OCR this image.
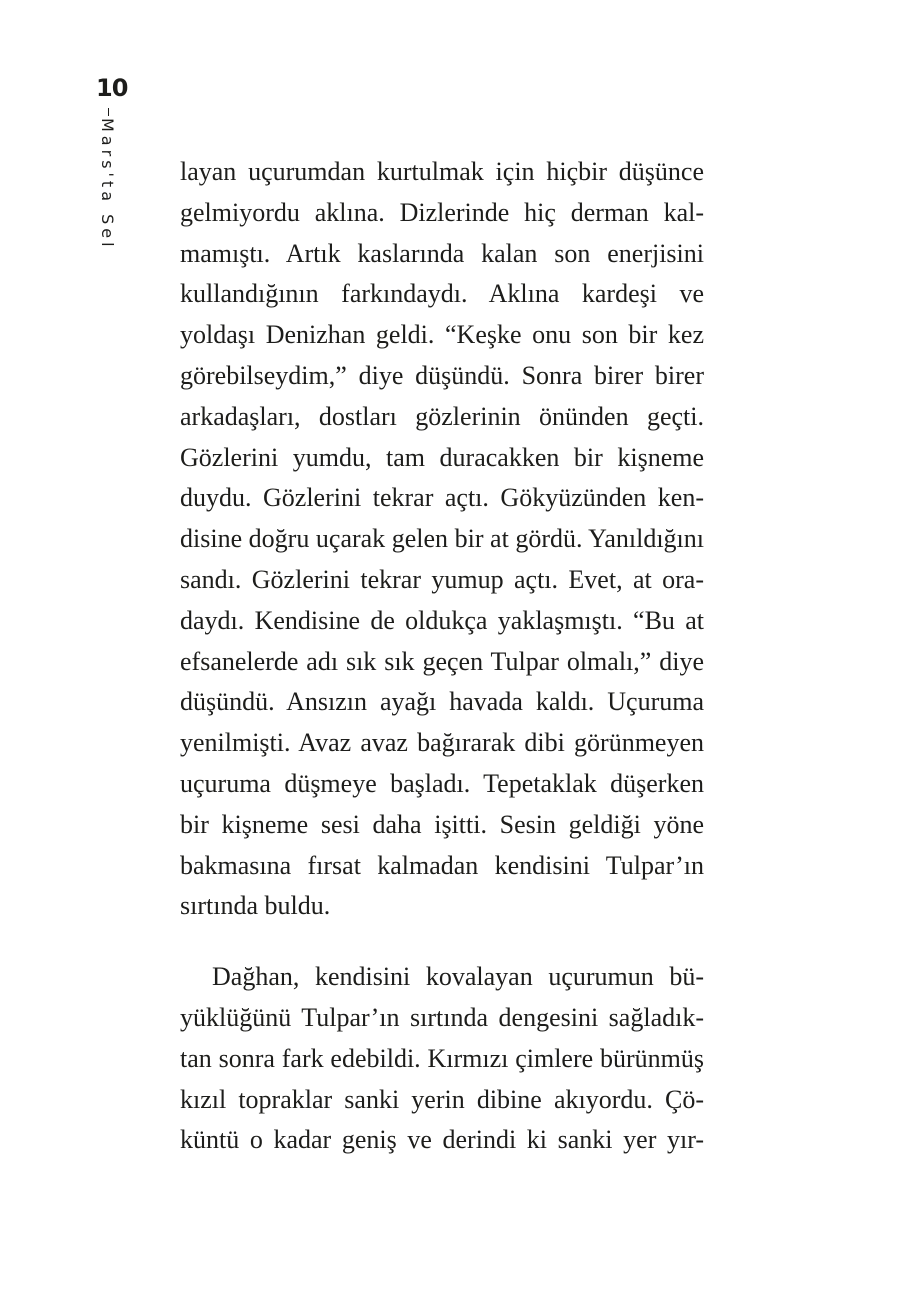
10
Mars'ta Sel layan uçurumdan kurtulmak için hiçbir düşünce
gelmiyordu aklına. Dizlerinde hiç derman kal-
mamıştı. Artık kaslarında kalan son enerjisini
kullandığının farkındaydı. Aklına kardeşi ve
yoldaşı Denizhan geldi. “Keşke onu son bir kez
görebilseydim,” diye düşündü. Sonra birer birer
arkadaşları, dostları gözlerinin önünden geçti.
Gözlerini yumdu, tam duracakken bir kişneme
duydu. Gözlerini tekrar açtı. Gökyüzünden ken-
disine doğru uçarak gelen bir at gördü. Yanıldığını
sandı. Gözlerini tekrar yumup açtı. Evet, at ora-
daydı. Kendisine de oldukça yaklaşmıştı. “Bu at
efsanelerde adı sık sık geçen Tulpar olmalı,” diye
düşündü. Ansızın ayağı havada kaldı. Uçuruma
yenilmişti. Avaz avaz bağırarak dibi görünmeyen
uçuruma düşmeye başladı. Tepetaklak düşerken
bir kişneme sesi daha işitti. Sesin geldiği yöne
bakmasına fırsat kalmadan kendisini Tulpar’ın
sırtında buldu.

Dağhan, kendisini kovalayan uçurumun bü-
yüklüğünü Tulpar’ın sırtında dengesini sağladık-
tan sonra fark edebildi. Kırmızı çimlere bürünmüş
kızıl topraklar sanki yerin dibine akıyordu. Çö-
küntü o kadar geniş ve derindi ki sanki yer yır-
